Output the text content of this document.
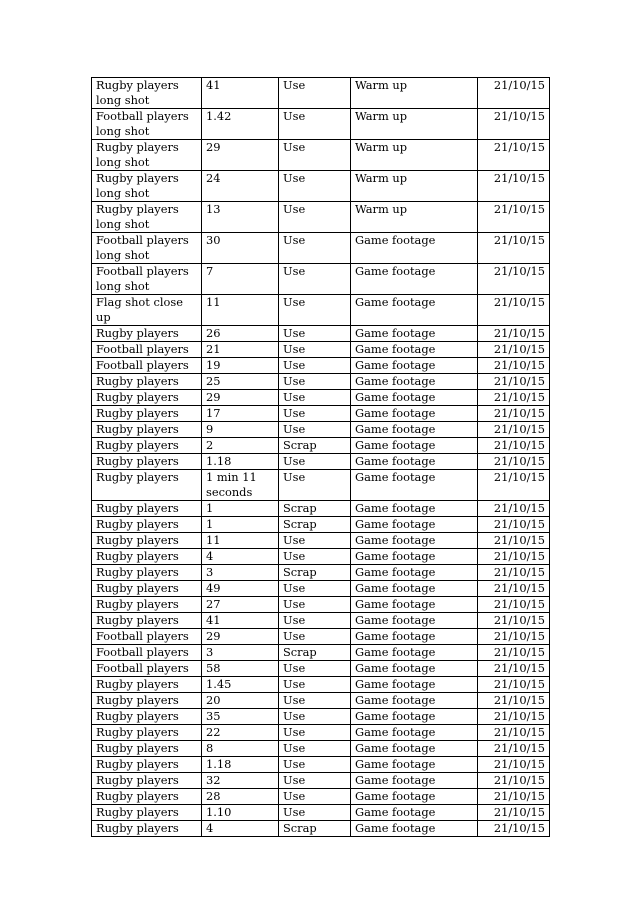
Rugby players long shot	41	Use	Warm up	21/10/15
Football players long shot	1.42	Use	Warm up	21/10/15
Rugby players long shot	29	Use	Warm up	21/10/15
Rugby players long shot	24	Use	Warm up	21/10/15
Rugby players long shot	13	Use	Warm up	21/10/15
Football players long shot	30	Use	Game footage	21/10/15
Football players long shot	7	Use	Game footage	21/10/15
Flag shot close up	11	Use	Game footage	21/10/15
Rugby players	26	Use	Game footage	21/10/15
Football players	21	Use	Game footage	21/10/15
Football players	19	Use	Game footage	21/10/15
Rugby players	25	Use	Game footage	21/10/15
Rugby players	29	Use	Game footage	21/10/15
Rugby players	17	Use	Game footage	21/10/15
Rugby players	9	Use	Game footage	21/10/15
Rugby players	2	Scrap	Game footage	21/10/15
Rugby players	1.18	Use	Game footage	21/10/15
Rugby players	1 min 11 seconds	Use	Game footage	21/10/15
Rugby players	1	Scrap	Game footage	21/10/15
Rugby players	1	Scrap	Game footage	21/10/15
Rugby players	11	Use	Game footage	21/10/15
Rugby players	4	Use	Game footage	21/10/15
Rugby players	3	Scrap	Game footage	21/10/15
Rugby players	49	Use	Game footage	21/10/15
Rugby players	27	Use	Game footage	21/10/15
Rugby players	41	Use	Game footage	21/10/15
Football players	29	Use	Game footage	21/10/15
Football players	3	Scrap	Game footage	21/10/15
Football players	58	Use	Game footage	21/10/15
Rugby players	1.45	Use	Game footage	21/10/15
Rugby players	20	Use	Game footage	21/10/15
Rugby players	35	Use	Game footage	21/10/15
Rugby players	22	Use	Game footage	21/10/15
Rugby players	8	Use	Game footage	21/10/15
Rugby players	1.18	Use	Game footage	21/10/15
Rugby players	32	Use	Game footage	21/10/15
Rugby players	28	Use	Game footage	21/10/15
Rugby players	1.10	Use	Game footage	21/10/15
Rugby players	4	Scrap	Game footage	21/10/15
